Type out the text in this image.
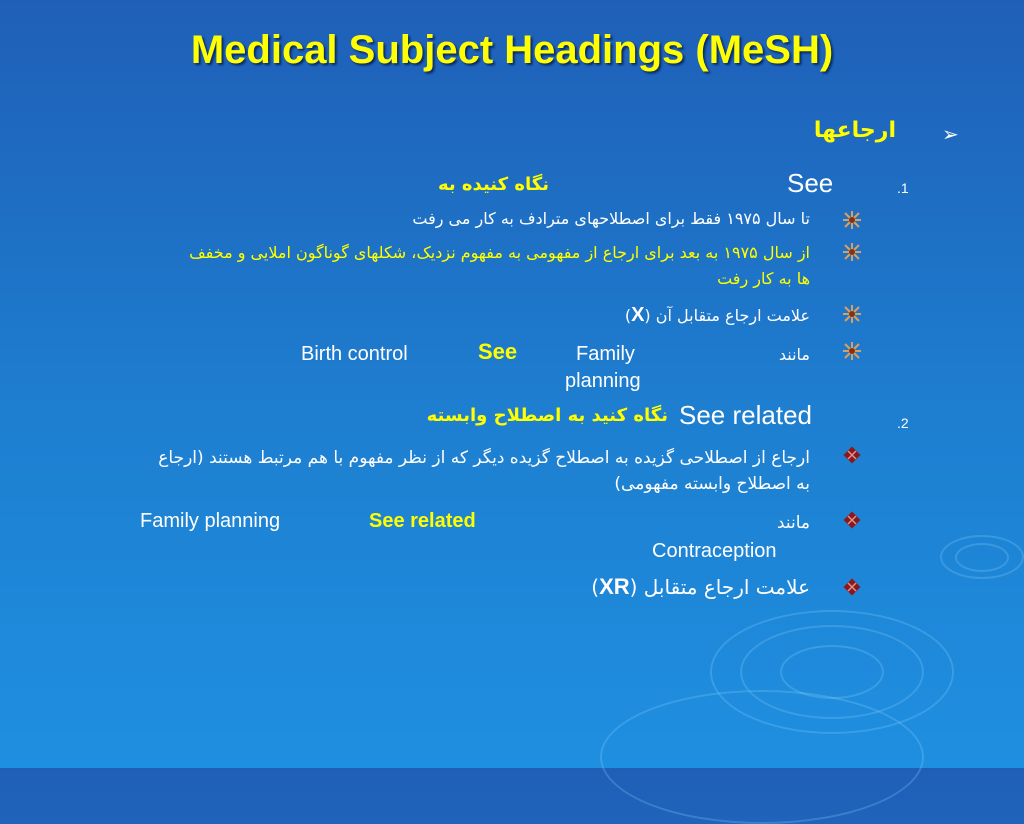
Medical Subject Headings (MeSH)
ارجاعها ➢
.1
See
نگاه کنیده به
تا سال ۱۹۷۵ فقط برای اصطلاحهای مترادف به کار می رفت
از سال ۱۹۷۵ به بعد برای ارجاع از مفهومی به مفهوم نزدیک، شکلهای گوناگون املایی و مخفف
ها به کار رفت
علامت ارجاع متقابل آن (X)
مانند
Family
planning
See
Birth control
.2
See related
نگاه کنید به اصطلاح وابسته
ارجاع از اصطلاحی گزیده به اصطلاح گزیده دیگر که از نظر مفهوم با هم مرتبط هستند (ارجاع
به اصطلاح وابسته مفهومی)
مانند
Contraception
See related
Family planning
علامت ارجاع متقابل (XR)
